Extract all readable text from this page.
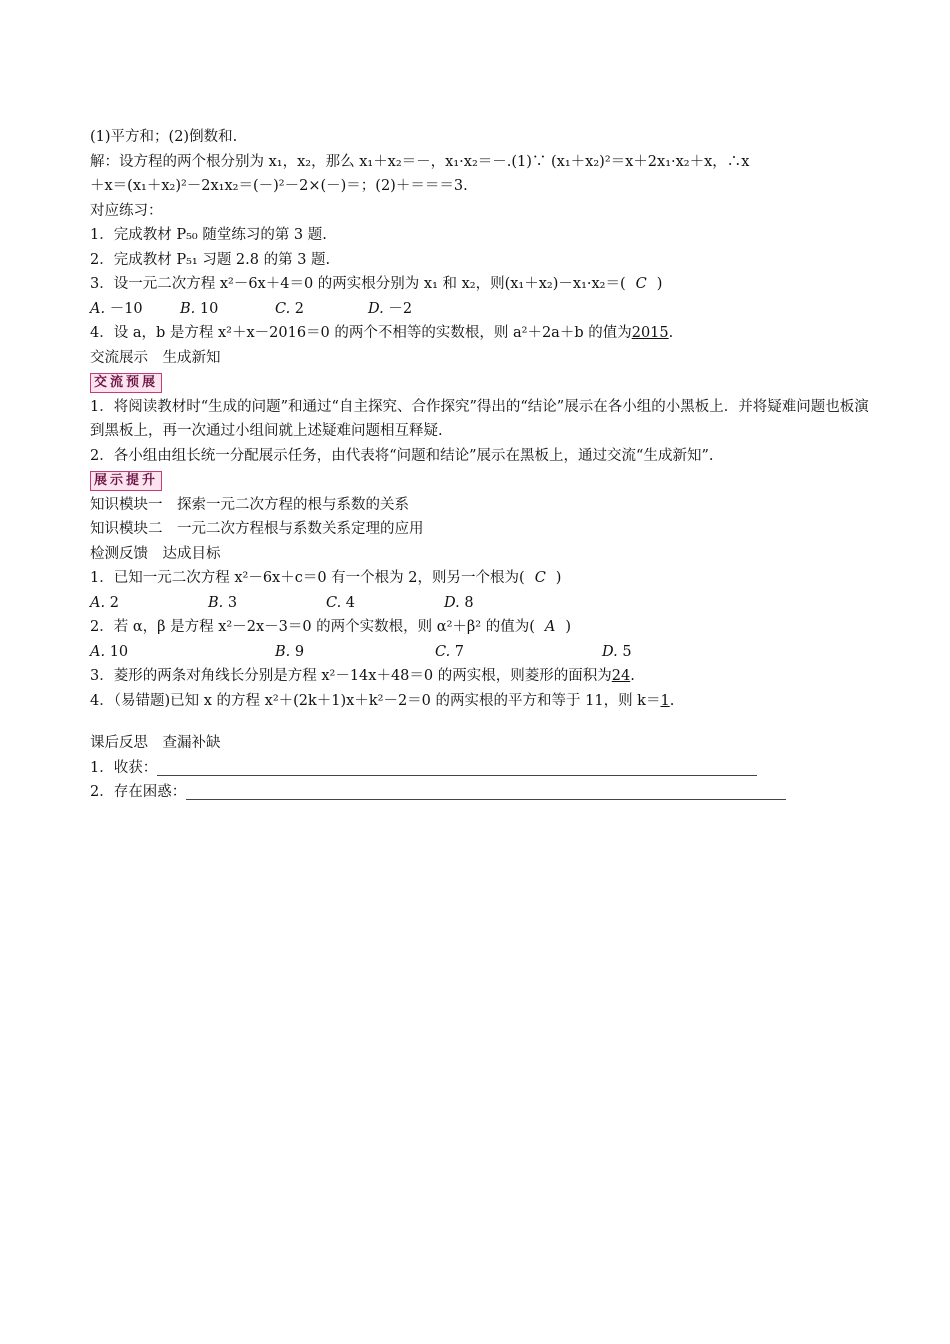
(1)平方和；(2)倒数和.
解：设方程的两个根分别为 x₁，x₂，那么 x₁＋x₂＝－，x₁·x₂＝－.(1)∵ (x₁＋x₂)²＝x＋2x₁·x₂＋x，∴x
＋x＝(x₁＋x₂)²－2x₁x₂＝(－)²－2×(－)＝；(2)＋＝＝＝3.
对应练习：
1．完成教材 P₅₀ 随堂练习的第 3 题.
2．完成教材 P₅₁ 习题 2.8 的第 3 题.
3．设一元二次方程 x²－6x＋4＝0 的两实根分别为 x₁ 和 x₂，则(x₁＋x₂)－x₁·x₂＝( C )
A. －10	B. 10	C. 2	D. －2
4．设 a，b 是方程 x²＋x－2016＝0 的两个不相等的实数根，则 a²＋2a＋b 的值为2015.
交流展示　生成新知
交流预展
1．将阅读教材时“生成的问题”和通过“自主探究、合作探究”得出的“结论”展示在各小组的小黑板上．并将疑难问题也板演到黑板上，再一次通过小组间就上述疑难问题相互释疑.
2．各小组由组长统一分配展示任务，由代表将“问题和结论”展示在黑板上，通过交流“生成新知”.
展示提升
知识模块一　探索一元二次方程的根与系数的关系
知识模块二　一元二次方程根与系数关系定理的应用
检测反馈　达成目标
1．已知一元二次方程 x²－6x＋c＝0 有一个根为 2，则另一个根为( C )
A. 2	B. 3	C. 4	D. 8
2．若 α，β 是方程 x²－2x－3＝0 的两个实数根，则 α²＋β² 的值为( A )
A. 10	B. 9	C. 7	D. 5
3．菱形的两条对角线长分别是方程 x²－14x＋48＝0 的两实根，则菱形的面积为24.
4．（易错题)已知 x 的方程 x²＋(2k＋1)x＋k²－2＝0 的两实根的平方和等于 11，则 k＝1.
课后反思　查漏补缺
1．收获：
2．存在困惑：
